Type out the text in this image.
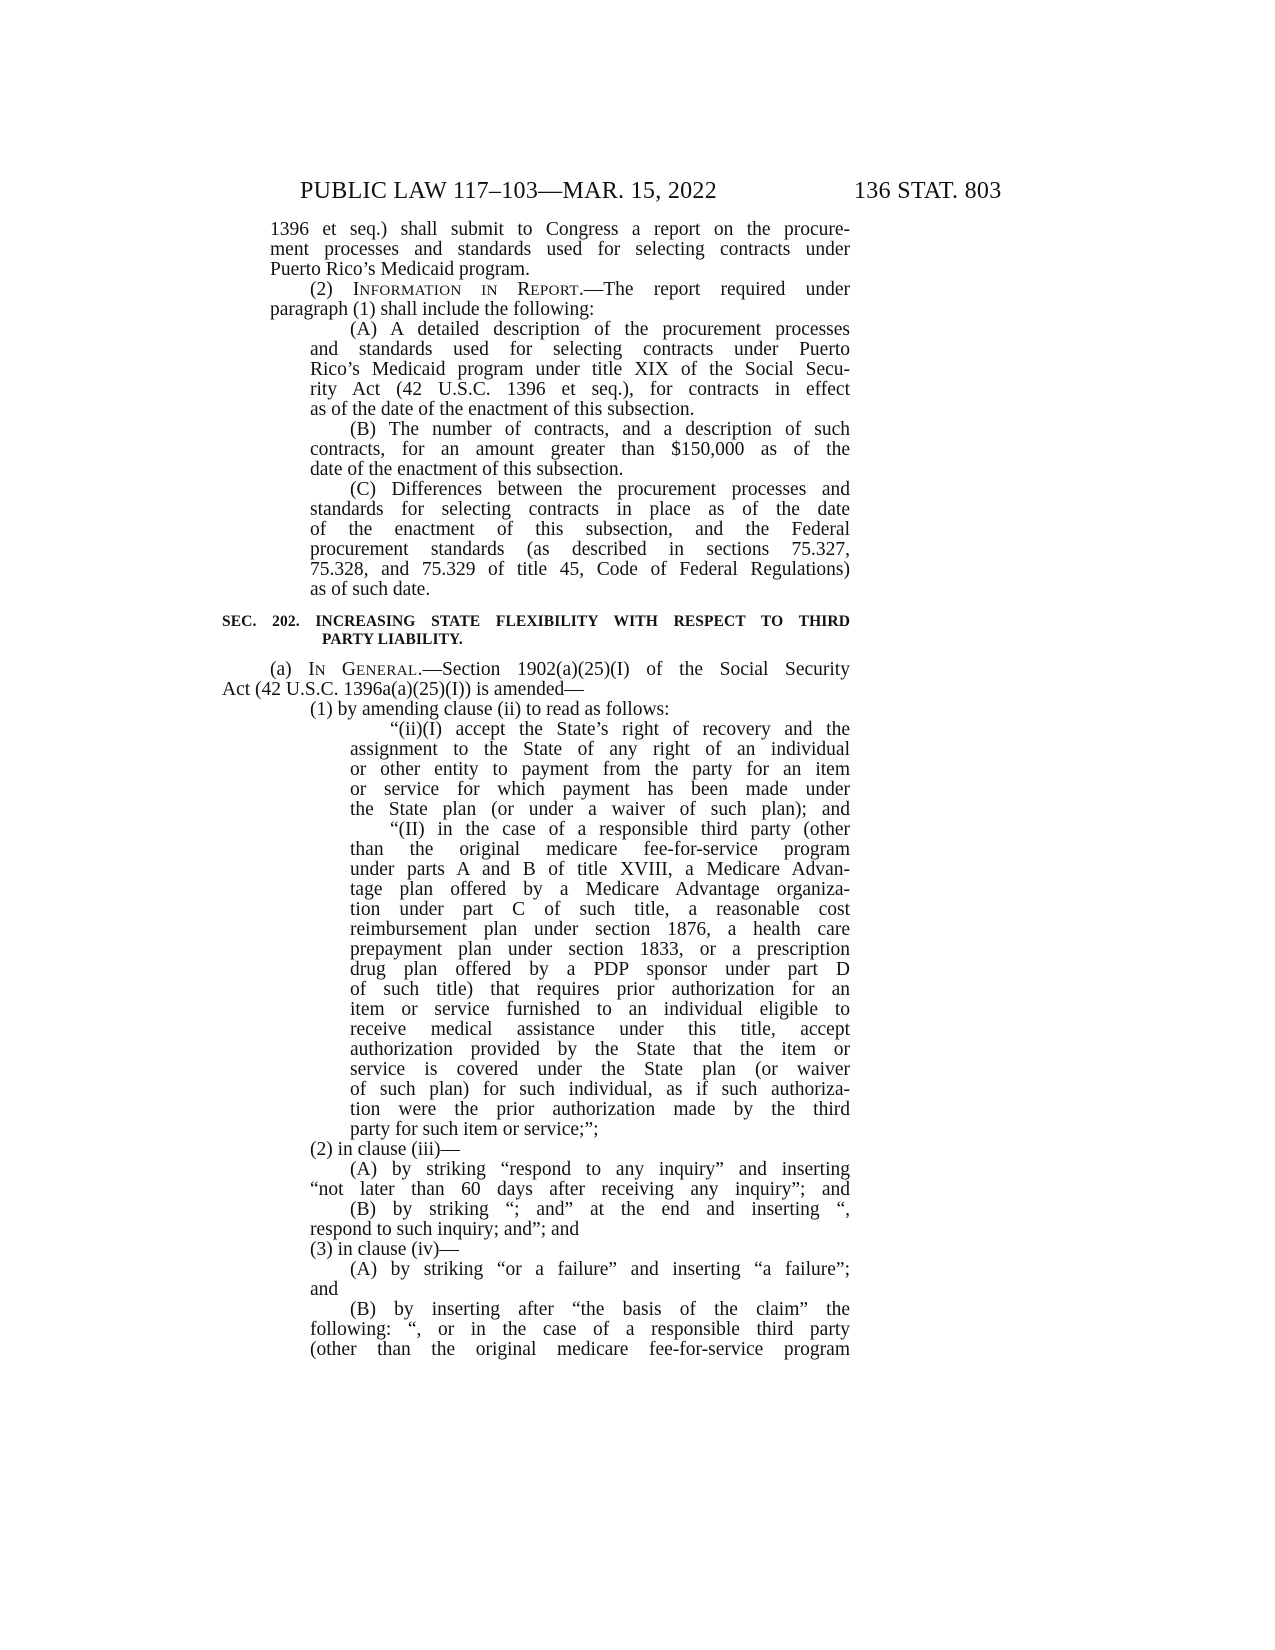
PUBLIC LAW 117–103—MAR. 15, 2022	136 STAT. 803
1396 et seq.) shall submit to Congress a report on the procure-
ment processes and standards used for selecting contracts under
Puerto Rico’s Medicaid program.
(2) INFORMATION IN REPORT.—The report required under
paragraph (1) shall include the following:
(A) A detailed description of the procurement processes
and standards used for selecting contracts under Puerto
Rico’s Medicaid program under title XIX of the Social Secu-
rity Act (42 U.S.C. 1396 et seq.), for contracts in effect
as of the date of the enactment of this subsection.
(B) The number of contracts, and a description of such
contracts, for an amount greater than $150,000 as of the
date of the enactment of this subsection.
(C) Differences between the procurement processes and
standards for selecting contracts in place as of the date
of the enactment of this subsection, and the Federal
procurement standards (as described in sections 75.327,
75.328, and 75.329 of title 45, Code of Federal Regulations)
as of such date.
SEC. 202. INCREASING STATE FLEXIBILITY WITH RESPECT TO THIRD
PARTY LIABILITY.
(a) IN GENERAL.—Section 1902(a)(25)(I) of the Social Security
Act (42 U.S.C. 1396a(a)(25)(I)) is amended—
(1) by amending clause (ii) to read as follows:
“(ii)(I) accept the State’s right of recovery and the
assignment to the State of any right of an individual
or other entity to payment from the party for an item
or service for which payment has been made under
the State plan (or under a waiver of such plan); and
“(II) in the case of a responsible third party (other
than the original medicare fee-for-service program
under parts A and B of title XVIII, a Medicare Advan-
tage plan offered by a Medicare Advantage organiza-
tion under part C of such title, a reasonable cost
reimbursement plan under section 1876, a health care
prepayment plan under section 1833, or a prescription
drug plan offered by a PDP sponsor under part D
of such title) that requires prior authorization for an
item or service furnished to an individual eligible to
receive medical assistance under this title, accept
authorization provided by the State that the item or
service is covered under the State plan (or waiver
of such plan) for such individual, as if such authoriza-
tion were the prior authorization made by the third
party for such item or service;”;
(2) in clause (iii)—
(A) by striking “respond to any inquiry” and inserting
“not later than 60 days after receiving any inquiry”; and
(B) by striking “; and” at the end and inserting “,
respond to such inquiry; and”; and
(3) in clause (iv)—
(A) by striking “or a failure” and inserting “a failure”;
and
(B) by inserting after “the basis of the claim” the
following: “, or in the case of a responsible third party
(other than the original medicare fee-for-service program
